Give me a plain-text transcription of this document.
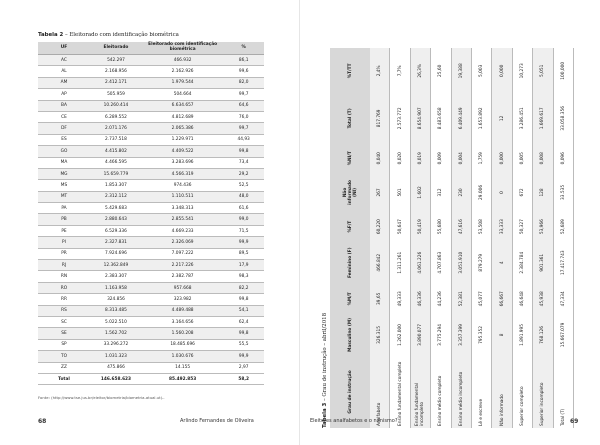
Tabela 2 – Eleitorado com identificação biométrica
UF	Eleitorado	Eleitorado com identificação biométrica	%
AC	542.297	466.932	86,1
AL	2.168.956	2.162.926	99,6
AM	2.412.171	1.979.544	82,0
AP	505.959	504.664	99,7
BA	10.260.414	6.634.657	64,6
CE	6.289.552	4.812.689	76,0
DF	2.071.176	2.065.386	99,7
ES	2.737.518	1.229.971	44,93
GO	4.415.802	4.409.522	99,8
MA	4.466.595	3.283.696	73,4
MG	15.659.779	4.566.319	29,2
MS	1.853.307	974.436	52,5
MT	2.312.112	1.110.511	48,0
PA	5.429.683	3.348.313	61,6
PB	2.880.643	2.855.541	99,0
PE	6.529.336	4.669.233	71,5
PI	2.327.831	2.326.069	99,9
PR	7.924.696	7.097.222	89,5
RJ	12.362.849	2.217.226	17,9
RN	2.383.307	2.382.787	98,3
RO	1.163.958	957.668	82,2
RR	324.856	323.982	99,8
RS	8.313.485	4.489.488	54,1
SC	5.022.510	3.164.656	62,4
SE	1.562.702	1.560.208	99,8
SP	33.296.272	18.485.696	55,5
TO	1.031.323	1.030.676	99,9
ZZ	475.866	14.155	2,97
Total	146.658.623	85.492.853	58,2
Fonte: (http://www.tse.jus.br/eleitor/biometria/biometria-atual.ut)-.
68	Arlindo Fernandes de Oliveira	Tabela 3 – Grau de instrução – abril/2018	Grau de instrução	Masculino (M)	%M/T	Feminino (F)	%F/T	Não informado (NI)	%NI/T	Total (T)	%T/TT
Analfabeto	326.315	39,65	466.842	60,220	267	0,040	817.769	2,4%
Ensino fundamental completo	1.262.000	49,333	1.311.261	50,647	501	0,020	2.573.772	7,7%
Ensino fundamental incompleto	3.890.077	46,336	4.061.226	50,419	1.602	0,019	8.654.907	26,3%
Ensino médio completo	3.775.294	44,236	4.707.863	55,680	312	0,009	8.483.658	25,60
Ensino médio incompleto	3.357.399	52,381	3.051.910	47,616	230	0,004	6.409.449	19,388
Lê e escreve	795.352	45,077	879.279	53,508	29.006	1,759	1.653.892	5,003
Não informado	8	66,667	4	33,333	0	0,000	12	0,000
Superior completo	1.891.995	46,648	2.384.784	50,327	672	0,005	3.286.451	10,273
Superior incompleto	768.126	45,938	901.361	53,966	128	0,008	1.669.617	5,051
Total (T)	15.667.079	47,334	17.417.743	52,689	33.535	0,096	33.058.356	100,000
Eleitores analfabetos e o nanismo?	69
